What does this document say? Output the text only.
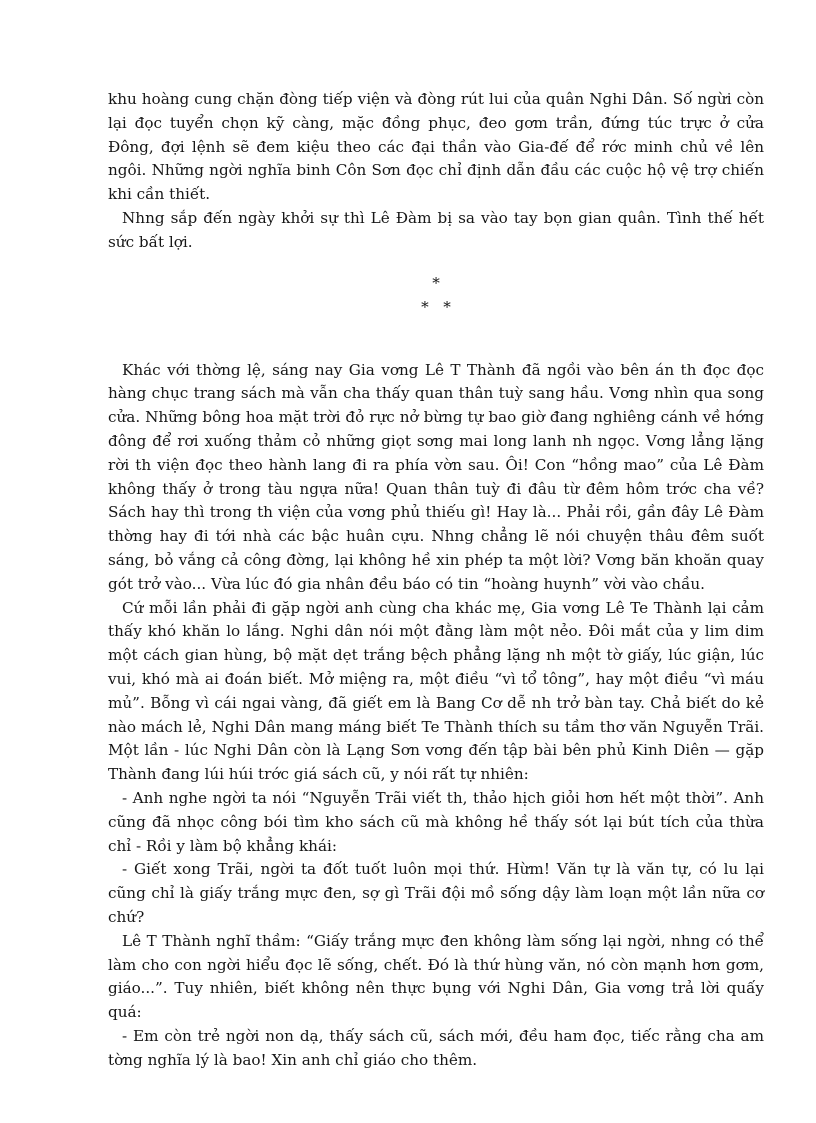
khu hoàng cung chặn đòng tiếp viện và đòng rút lui của quân Nghi Dân. Số ngừi còn lại đọc tuyển chọn kỹ càng, mặc đồng phục, đeo gơm trần, đứng túc trực ở cửa Đông, đợi lệnh sẽ đem kiệu theo các đại thần vào Gia-đế để rớc minh chủ về lên ngôi. Những ngời nghĩa binh Côn Sơn đọc chỉ định dẫn đầu các cuộc hộ vệ trợ chiến khi cần thiết.

Nhng sắp đến ngày khởi sự thì Lê Đàm bị sa vào tay bọn gian quân. Tình thế hết sức bất lợi.

*
*   *

Khác với thờng lệ, sáng nay Gia vơng Lê T Thành đã ngồi vào bên án th đọc đọc hàng chục trang sách mà vẫn cha thấy quan thân tuỳ sang hầu. Vơng nhìn qua song cửa. Những bông hoa mặt trời đỏ rực nở bừng tự bao giờ đang nghiêng cánh về hớng đông để rơi xuống thảm cỏ những giọt sơng mai long lanh nh ngọc. Vơng lẳng lặng rời th viện đọc theo hành lang đi ra phía vờn sau. Ôi! Con “hồng mao” của Lê Đàm không thấy ở trong tàu ngựa nữa! Quan thân tuỳ đi đâu từ đêm hôm trớc cha về? Sách hay thì trong th viện của vơng phủ thiếu gì! Hay là... Phải rồi, gần đây Lê Đàm thờng hay đi tới nhà các bậc huân cựu. Nhng chẳng lẽ nói chuyện thâu đêm suốt sáng, bỏ vắng cả công đờng, lại không hề xin phép ta một lời? Vơng băn khoăn quay gót trở vào... Vừa lúc đó gia nhân đều báo có tin “hoàng huynh” vời vào chầu.

Cứ mỗi lần phải đi gặp ngời anh cùng cha khác mẹ, Gia vơng Lê Te Thành lại cảm thấy khó khăn lo lắng. Nghi dân nói một đằng làm một nẻo. Đôi mắt của y lim dim một cách gian hùng, bộ mặt dẹt trắng bệch phẳng lặng nh một tờ giấy, lúc giận, lúc vui, khó mà ai đoán biết. Mở miệng ra, một điều “vì tổ tông”, hay một điều “vì máu mủ”. Bỗng vì cái ngai vàng, đã giết em là Bang Cơ dễ nh trở bàn tay. Chả biết do kẻ nào mách lẻ, Nghi Dân mang máng biết Te Thành thích su tầm thơ văn Nguyễn Trãi. Một lần - lúc Nghi Dân còn là Lạng Sơn vơng đến tập bài bên phủ Kinh Diên — gặp Thành đang lúi húi trớc giá sách cũ, y nói rất tự nhiên:

- Anh nghe ngời ta nói “Nguyễn Trãi viết th, thảo hịch giỏi hơn hết một thời”. Anh cũng đã nhọc công bói tìm kho sách cũ mà không hề thấy sót lại bút tích của thừa chỉ - Rồi y làm bộ khẳng khái:

- Giết xong Trãi, ngời ta đốt tuốt luôn mọi thứ. Hừm! Văn tự là văn tự, có lu lại cũng chỉ là giấy trắng mực đen, sợ gì Trãi đội mồ sống dậy làm loạn một lần nữa cơ chứ?

Lê T Thành nghĩ thầm: “Giấy trắng mực đen không làm sống lại ngời, nhng có thể làm cho con ngời hiểu đọc lẽ sống, chết. Đó là thứ hùng văn, nó còn mạnh hơn gơm, giáo...”. Tuy nhiên, biết không nên thực bụng với Nghi Dân, Gia vơng trả lời quấy quá:

- Em còn trẻ ngời non dạ, thấy sách cũ, sách mới, đều ham đọc, tiếc rằng cha am tờng nghĩa lý là bao! Xin anh chỉ giáo cho thêm.
